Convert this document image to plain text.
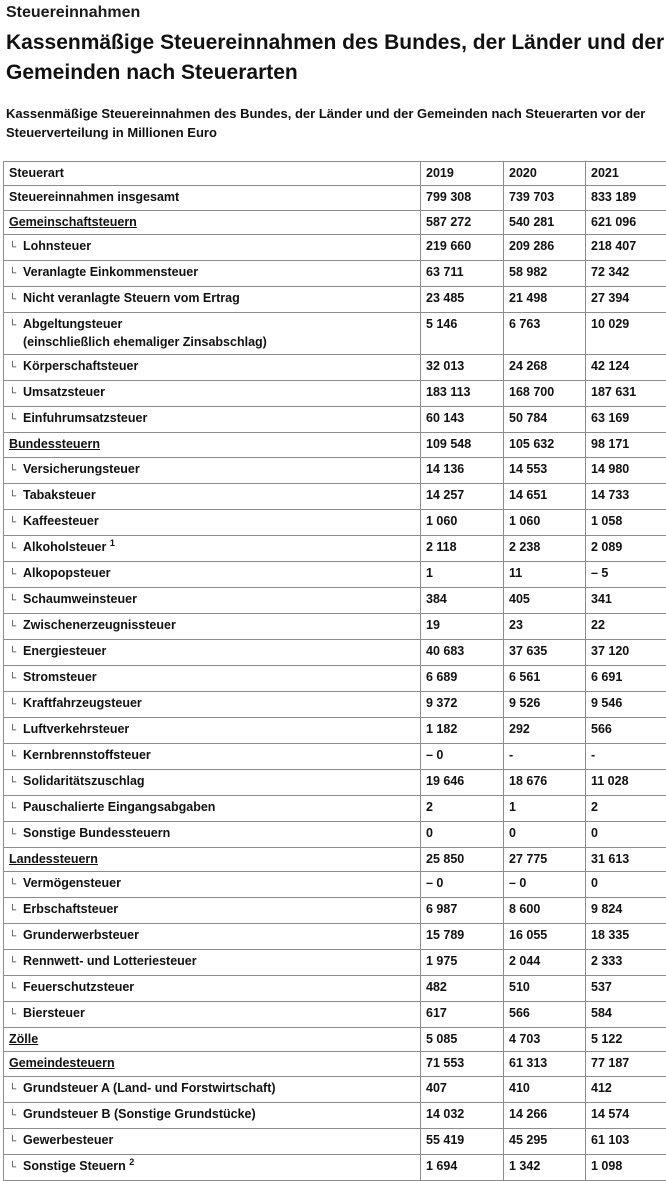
Steuereinnahmen
Kassenmäßige Steuereinnahmen des Bundes, der Länder und der Gemeinden nach Steuerarten
Kassenmäßige Steuereinnahmen des Bundes, der Länder und der Gemeinden nach Steuerarten vor der Steuerverteilung in Millionen Euro
Steuerart	2019	2020	2021
Steuereinnahmen insgesamt	799 308	739 703	833 189
Gemeinschaftsteuern	587 272	540 281	621 096
└ Lohnsteuer	219 660	209 286	218 407
└ Veranlagte Einkommensteuer	63 711	58 982	72 342
└ Nicht veranlagte Steuern vom Ertrag	23 485	21 498	27 394
└ Abgeltungsteuer
(einschließlich ehemaliger Zinsabschlag)	5 146	6 763	10 029
└ Körperschaftsteuer	32 013	24 268	42 124
└ Umsatzsteuer	183 113	168 700	187 631
└ Einfuhrumsatzsteuer	60 143	50 784	63 169
Bundessteuern	109 548	105 632	98 171
└ Versicherungsteuer	14 136	14 553	14 980
└ Tabaksteuer	14 257	14 651	14 733
└ Kaffeesteuer	1 060	1 060	1 058
└ Alkoholsteuer $^1$	2 118	2 238	2 089
└ Alkopopsteuer	1	11	– 5
└ Schaumweinsteuer	384	405	341
└ Zwischenerzeugnissteuer	19	23	22
└ Energiesteuer	40 683	37 635	37 120
└ Stromsteuer	6 689	6 561	6 691
└ Kraftfahrzeugsteuer	9 372	9 526	9 546
└ Luftverkehrsteuer	1 182	292	566
└ Kernbrennstoffsteuer	– 0	-	-
└ Solidaritätszuschlag	19 646	18 676	11 028
└ Pauschalierte Eingangsabgaben	2	1	2
└ Sonstige Bundessteuern	0	0	0
Landessteuern	25 850	27 775	31 613
└ Vermögensteuer	– 0	– 0	0
└ Erbschaftsteuer	6 987	8 600	9 824
└ Grunderwerbsteuer	15 789	16 055	18 335
└ Rennwett- und Lotteriesteuer	1 975	2 044	2 333
└ Feuerschutzsteuer	482	510	537
└ Biersteuer	617	566	584
Zölle	5 085	4 703	5 122
Gemeindesteuern	71 553	61 313	77 187
└ Grundsteuer A (Land- und Forstwirtschaft)	407	410	412
└ Grundsteuer B (Sonstige Grundstücke)	14 032	14 266	14 574
└ Gewerbesteuer	55 419	45 295	61 103
└ Sonstige Steuern $^2$	1 694	1 342	1 098
